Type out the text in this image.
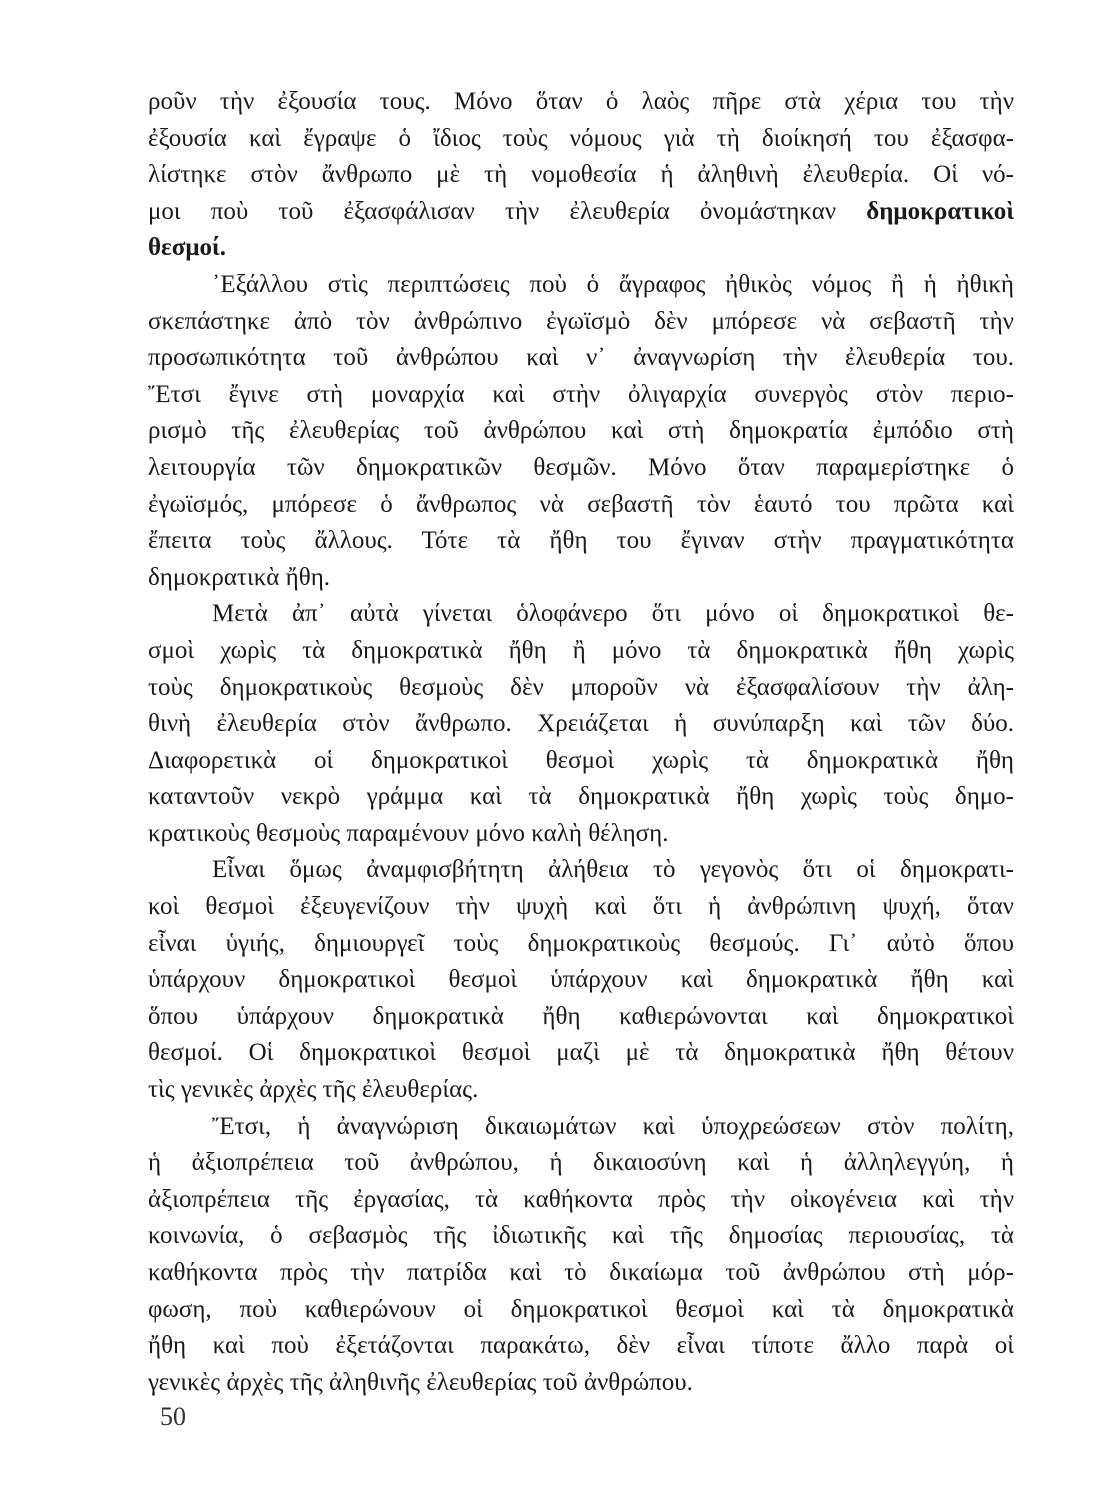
ροῦν τὴν ἐξουσία τους. Μόνο ὅταν ὁ λαὸς πῆρε στὰ χέρια του τὴν
ἐξουσία καὶ ἔγραψε ὁ ἴδιος τοὺς νόμους γιὰ τὴ διοίκησή του ἐξασφα-
λίστηκε στὸν ἄνθρωπο μὲ τὴ νομοθεσία ἡ ἀληθινὴ ἐλευθερία. Οἱ νό-
μοι ποὺ τοῦ ἐξασφάλισαν τὴν ἐλευθερία ὀνομάστηκαν δημοκρατικοὶ
θεσμοί.
᾿Εξάλλου στὶς περιπτώσεις ποὺ ὁ ἄγραφος ἠθικὸς νόμος ἢ ἡ ἠθικὴ
σκεπάστηκε ἀπὸ τὸν ἀνθρώπινο ἐγωϊσμὸ δὲν μπόρεσε νὰ σεβαστῆ τὴν
προσωπικότητα τοῦ ἀνθρώπου καὶ ν᾿ ἀναγνωρίση τὴν ἐλευθερία του.
Ἔτσι ἔγινε στὴ μοναρχία καὶ στὴν ὀλιγαρχία συνεργὸς στὸν περιο-
ρισμὸ τῆς ἐλευθερίας τοῦ ἀνθρώπου καὶ στὴ δημοκρατία ἐμπόδιο στὴ
λειτουργία τῶν δημοκρατικῶν θεσμῶν. Μόνο ὅταν παραμερίστηκε ὁ
ἐγωϊσμός, μπόρεσε ὁ ἄνθρωπος νὰ σεβαστῆ τὸν ἑαυτό του πρῶτα καὶ
ἔπειτα τοὺς ἄλλους. Τότε τὰ ἤθη του ἔγιναν στὴν πραγματικότητα
δημοκρατικὰ ἤθη.
Μετὰ ἀπ᾿ αὐτὰ γίνεται ὁλοφάνερο ὅτι μόνο οἱ δημοκρατικοὶ θε-
σμοὶ χωρὶς τὰ δημοκρατικὰ ἤθη ἢ μόνο τὰ δημοκρατικὰ ἤθη χωρὶς
τοὺς δημοκρατικοὺς θεσμοὺς δὲν μποροῦν νὰ ἐξασφαλίσουν τὴν ἀλη-
θινὴ ἐλευθερία στὸν ἄνθρωπο. Χρειάζεται ἡ συνύπαρξη καὶ τῶν δύο.
Διαφορετικὰ οἱ δημοκρατικοὶ θεσμοὶ χωρὶς τὰ δημοκρατικὰ ἤθη
καταντοῦν νεκρὸ γράμμα καὶ τὰ δημοκρατικὰ ἤθη χωρὶς τοὺς δημο-
κρατικοὺς θεσμοὺς παραμένουν μόνο καλὴ θέληση.
Εἶναι ὅμως ἀναμφισβήτητη ἀλήθεια τὸ γεγονὸς ὅτι οἱ δημοκρατι-
κοὶ θεσμοὶ ἐξευγενίζουν τὴν ψυχὴ καὶ ὅτι ἡ ἀνθρώπινη ψυχή, ὅταν
εἶναι ὑγιής, δημιουργεῖ τοὺς δημοκρατικοὺς θεσμούς. Γι᾿ αὐτὸ ὅπου
ὑπάρχουν δημοκρατικοὶ θεσμοὶ ὑπάρχουν καὶ δημοκρατικὰ ἤθη καὶ
ὅπου ὑπάρχουν δημοκρατικὰ ἤθη καθιερώνονται καὶ δημοκρατικοὶ
θεσμοί. Οἱ δημοκρατικοὶ θεσμοὶ μαζὶ μὲ τὰ δημοκρατικὰ ἤθη θέτουν
τὶς γενικὲς ἀρχὲς τῆς ἐλευθερίας.
Ἔτσι, ἡ ἀναγνώριση δικαιωμάτων καὶ ὑποχρεώσεων στὸν πολίτη,
ἡ ἀξιοπρέπεια τοῦ ἀνθρώπου, ἡ δικαιοσύνη καὶ ἡ ἀλληλεγγύη, ἡ
ἀξιοπρέπεια τῆς ἐργασίας, τὰ καθήκοντα πρὸς τὴν οἰκογένεια καὶ τὴν
κοινωνία, ὁ σεβασμὸς τῆς ἰδιωτικῆς καὶ τῆς δημοσίας περιουσίας, τὰ
καθήκοντα πρὸς τὴν πατρίδα καὶ τὸ δικαίωμα τοῦ ἀνθρώπου στὴ μόρ-
φωση, ποὺ καθιερώνουν οἱ δημοκρατικοὶ θεσμοὶ καὶ τὰ δημοκρατικὰ
ἤθη καὶ ποὺ ἐξετάζονται παρακάτω, δὲν εἶναι τίποτε ἄλλο παρὰ οἱ
γενικὲς ἀρχὲς τῆς ἀληθινῆς ἐλευθερίας τοῦ ἀνθρώπου.
50
